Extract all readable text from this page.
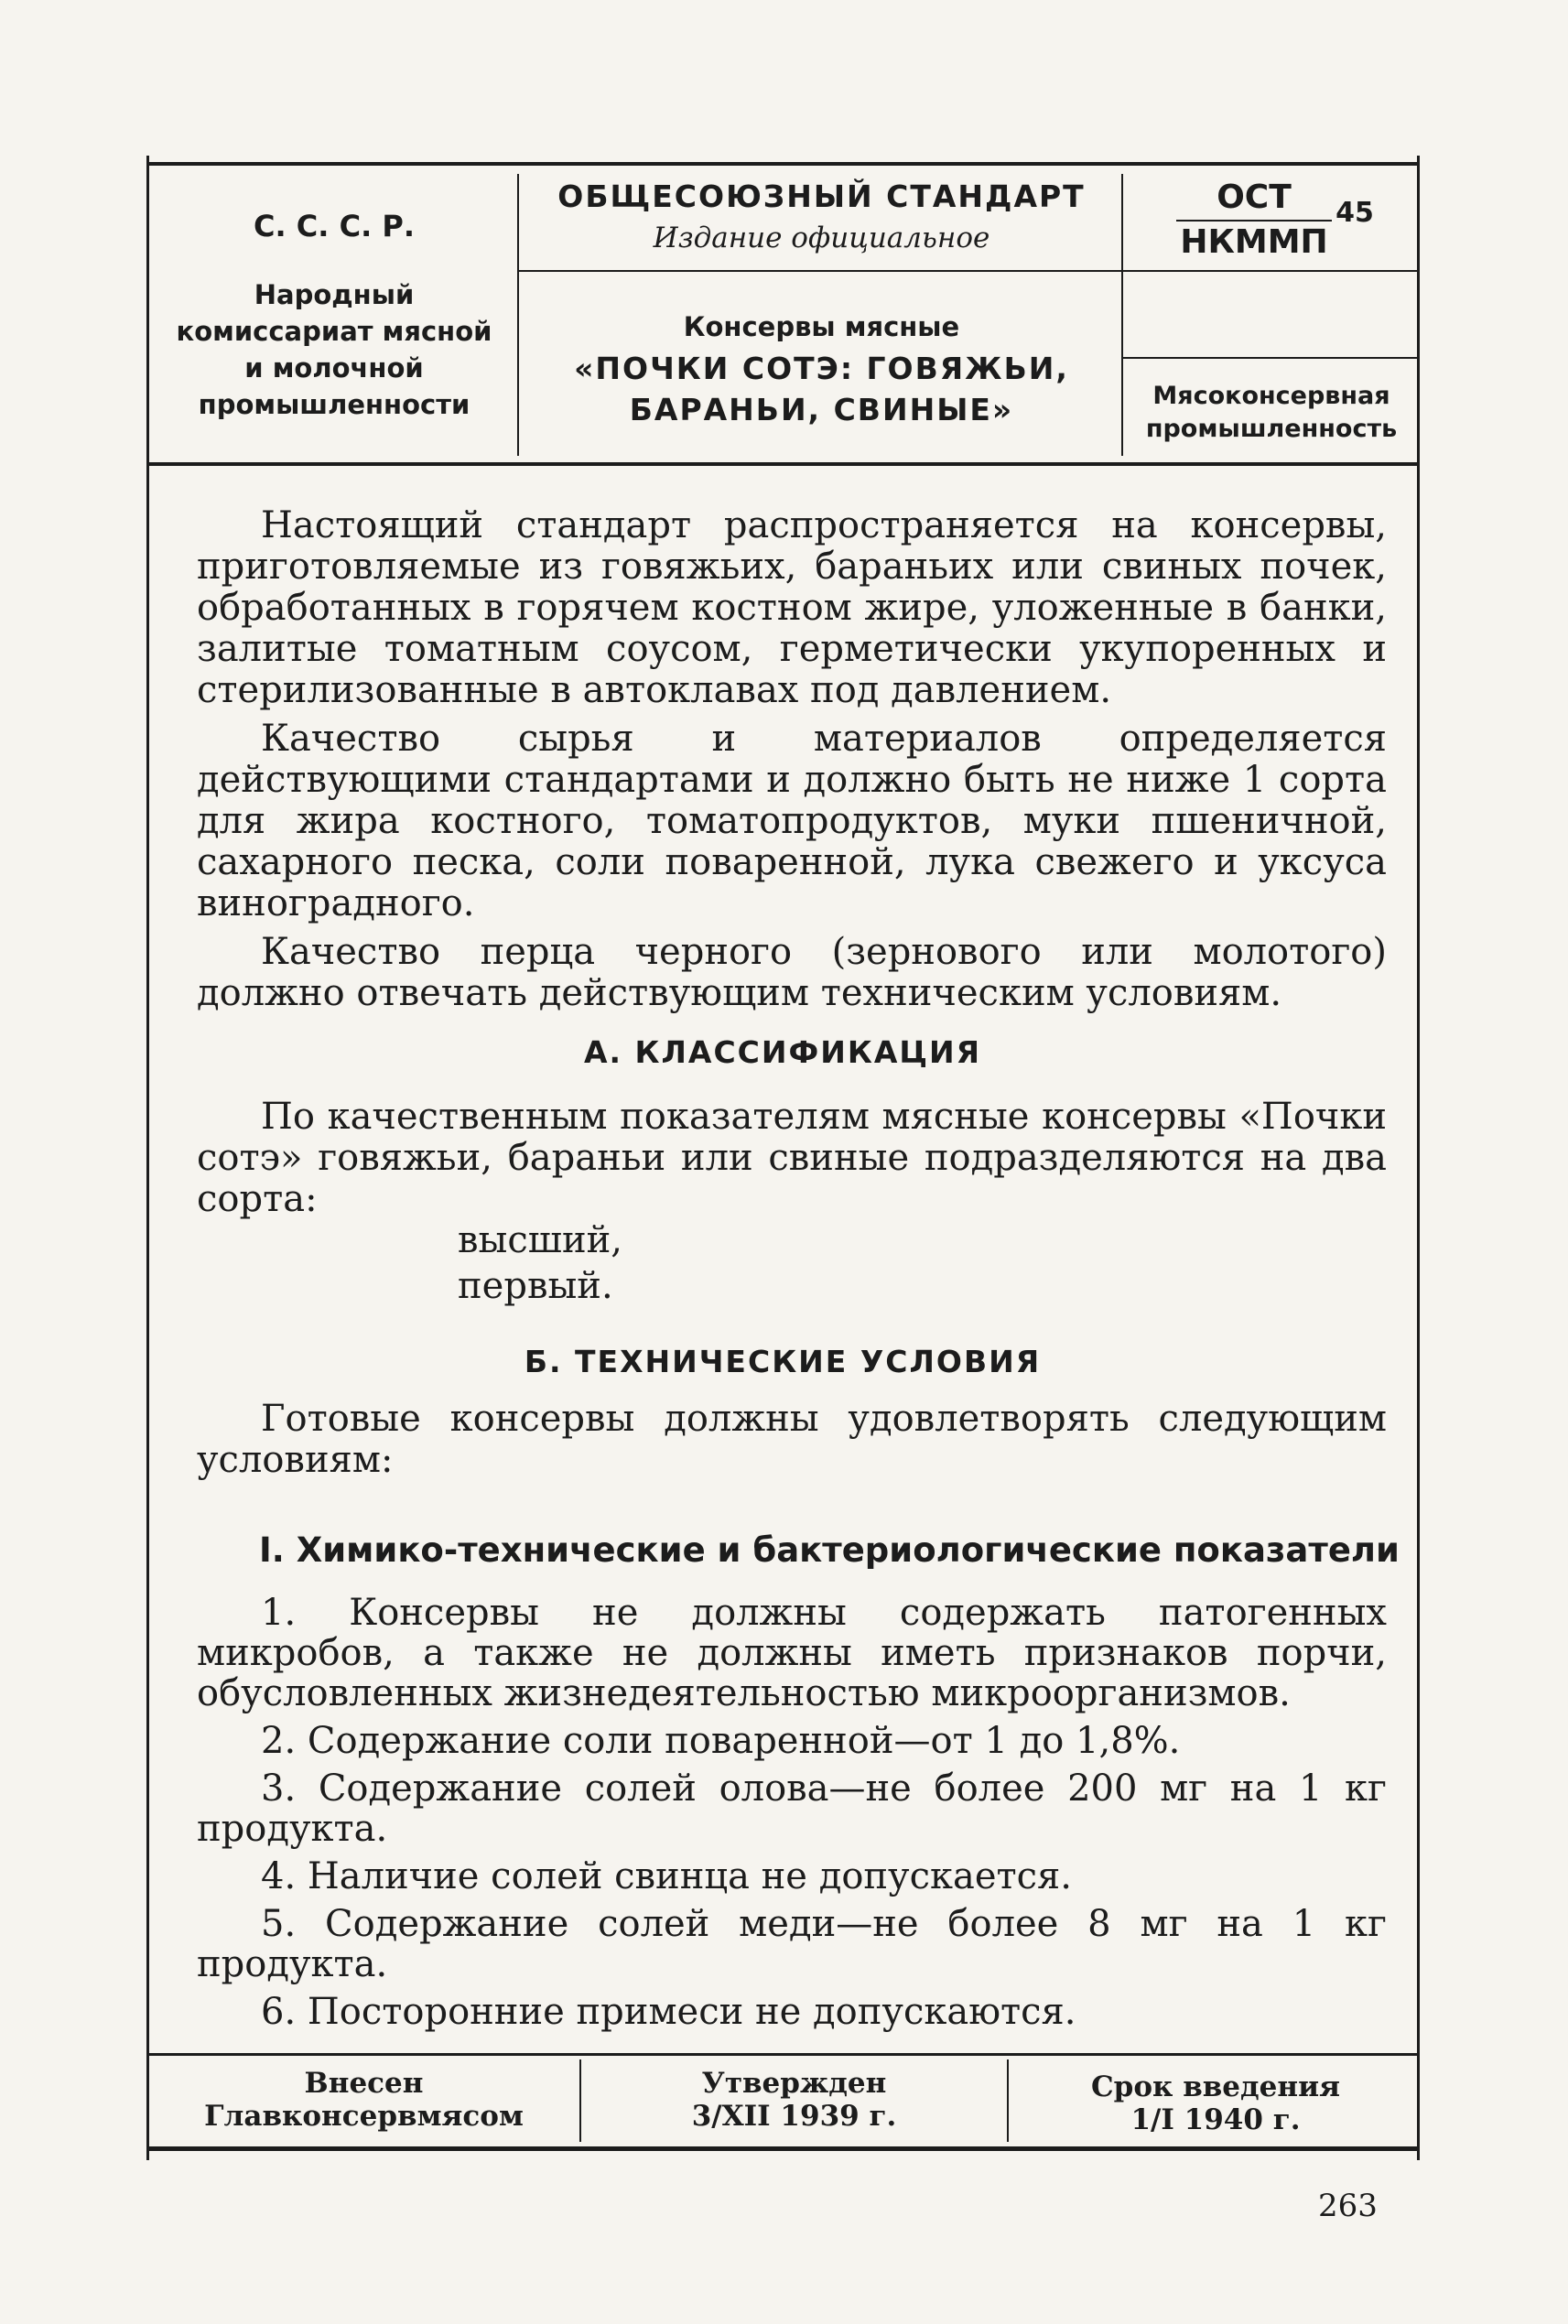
С. С. С. Р.
Народный
комиссариат мясной
и молочной
промышленности
ОБЩЕСОЮЗНЫЙ СТАНДАРТ
Издание официальное
Консервы мясные
«ПОЧКИ СОТЭ: ГОВЯЖЬИ,
БАРАНЬИ, СВИНЫЕ»
ОСТ
НКММП
45
Мясоконсервная
промышленность

Настоящий стандарт распространяется на консервы, приготовляемые из говяжьих, бараньих или свиных почек, обработанных в горячем костном жире, уложенные в банки, залитые томатным соусом, герметически укупоренных и стерилизованные в автоклавах под давлением.

Качество сырья и материалов определяется действующими стандартами и должно быть не ниже 1 сорта для жира костного, томатопродуктов, муки пшеничной, сахарного песка, соли поваренной, лука свежего и уксуса виноградного.

Качество перца черного (зернового или молотого) должно отвечать действующим техническим условиям.

А. КЛАССИФИКАЦИЯ

По качественным показателям мясные консервы «Почки сотэ» говяжьи, бараньи или свиные подразделяются на два сорта:

высший,
первый.
Б. ТЕХНИЧЕСКИЕ УСЛОВИЯ

Готовые консервы должны удовлетворять следующим условиям:

I. Химико-технические и бактериологические показатели

1. Консервы не должны содержать патогенных микробов, а также не должны иметь признаков порчи, обусловленных жизнедеятельностью микроорганизмов.

2. Содержание соли поваренной—от 1 до 1,8%.

3. Содержание солей олова—не более 200 мг на 1 кг продукта.

4. Наличие солей свинца не допускается.

5. Содержание солей меди—не более 8 мг на 1 кг продукта.

6. Посторонние примеси не допускаются.

Внесен
Главконсервмясом
Утвержден
3/XII 1939 г.
Срок введения
1/I 1940 г.
263
